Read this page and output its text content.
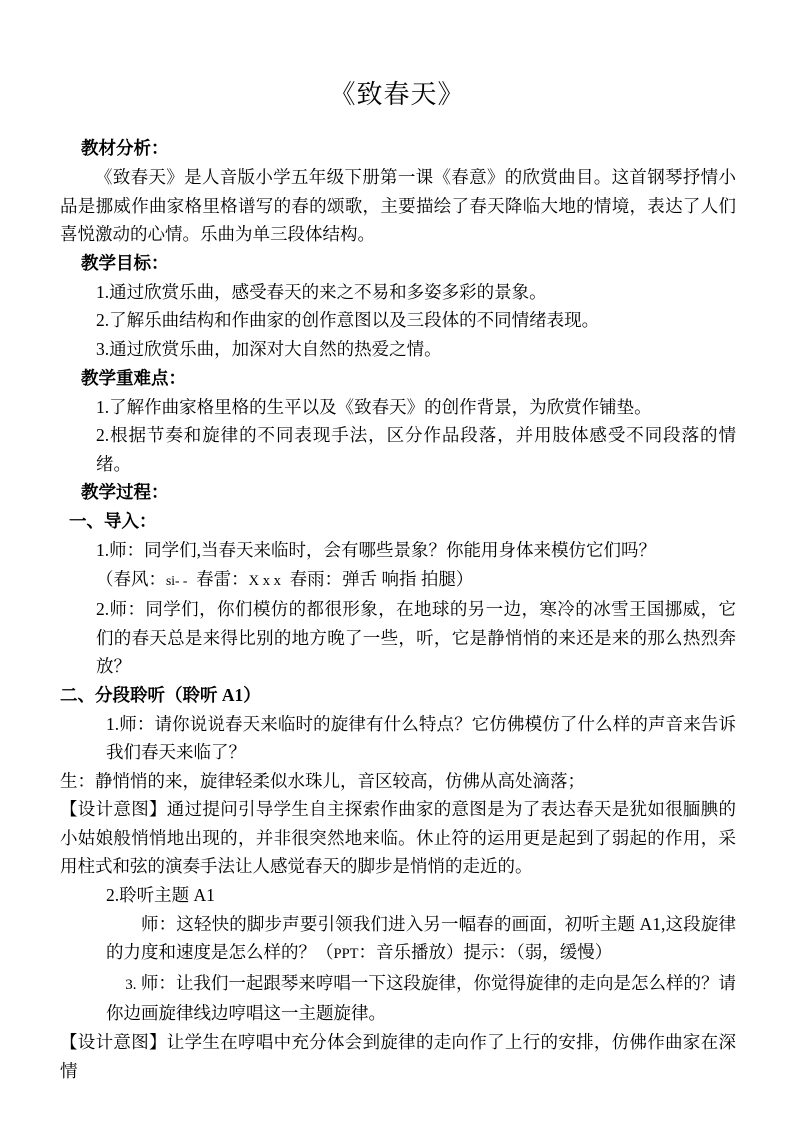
《致春天》

教材分析：

《致春天》是人音版小学五年级下册第一课《春意》的欣赏曲目。这首钢琴抒情小品是挪威作曲家格里格谱写的春的颂歌，主要描绘了春天降临大地的情境，表达了人们喜悦激动的心情。乐曲为单三段体结构。

教学目标：

1.通过欣赏乐曲，感受春天的来之不易和多姿多彩的景象。

2.了解乐曲结构和作曲家的创作意图以及三段体的不同情绪表现。

3.通过欣赏乐曲，加深对大自然的热爱之情。

教学重难点：

1.了解作曲家格里格的生平以及《致春天》的创作背景，为欣赏作铺垫。

2.根据节奏和旋律的不同表现手法，区分作品段落，并用肢体感受不同段落的情绪。

教学过程：

一、导入：

1.师：同学们,当春天来临时，会有哪些景象？你能用身体来模仿它们吗？

（春风：si- - 春雷：X x x 春雨：弹舌 响指 拍腿）

2.师：同学们，你们模仿的都很形象，在地球的另一边，寒冷的冰雪王国挪威，它们的春天总是来得比别的地方晚了一些，听，它是静悄悄的来还是来的那么热烈奔放？

二、分段聆听（聆听 A1）

1.师：请你说说春天来临时的旋律有什么特点？它仿佛模仿了什么样的声音来告诉我们春天来临了？

生：静悄悄的来，旋律轻柔似水珠儿，音区较高，仿佛从高处滴落；

【设计意图】通过提问引导学生自主探索作曲家的意图是为了表达春天是犹如很腼腆的小姑娘般悄悄地出现的，并非很突然地来临。休止符的运用更是起到了弱起的作用，采用柱式和弦的演奏手法让人感觉春天的脚步是悄悄的走近的。

2.聆听主题 A1

师：这轻快的脚步声要引领我们进入另一幅春的画面，初听主题 A1,这段旋律的力度和速度是怎么样的？（PPT：音乐播放）提示：（弱，缓慢）

3. 师：让我们一起跟琴来哼唱一下这段旋律，你觉得旋律的走向是怎么样的？请你边画旋律线边哼唱这一主题旋律。

【设计意图】让学生在哼唱中充分体会到旋律的走向作了上行的安排，仿佛作曲家在深情
